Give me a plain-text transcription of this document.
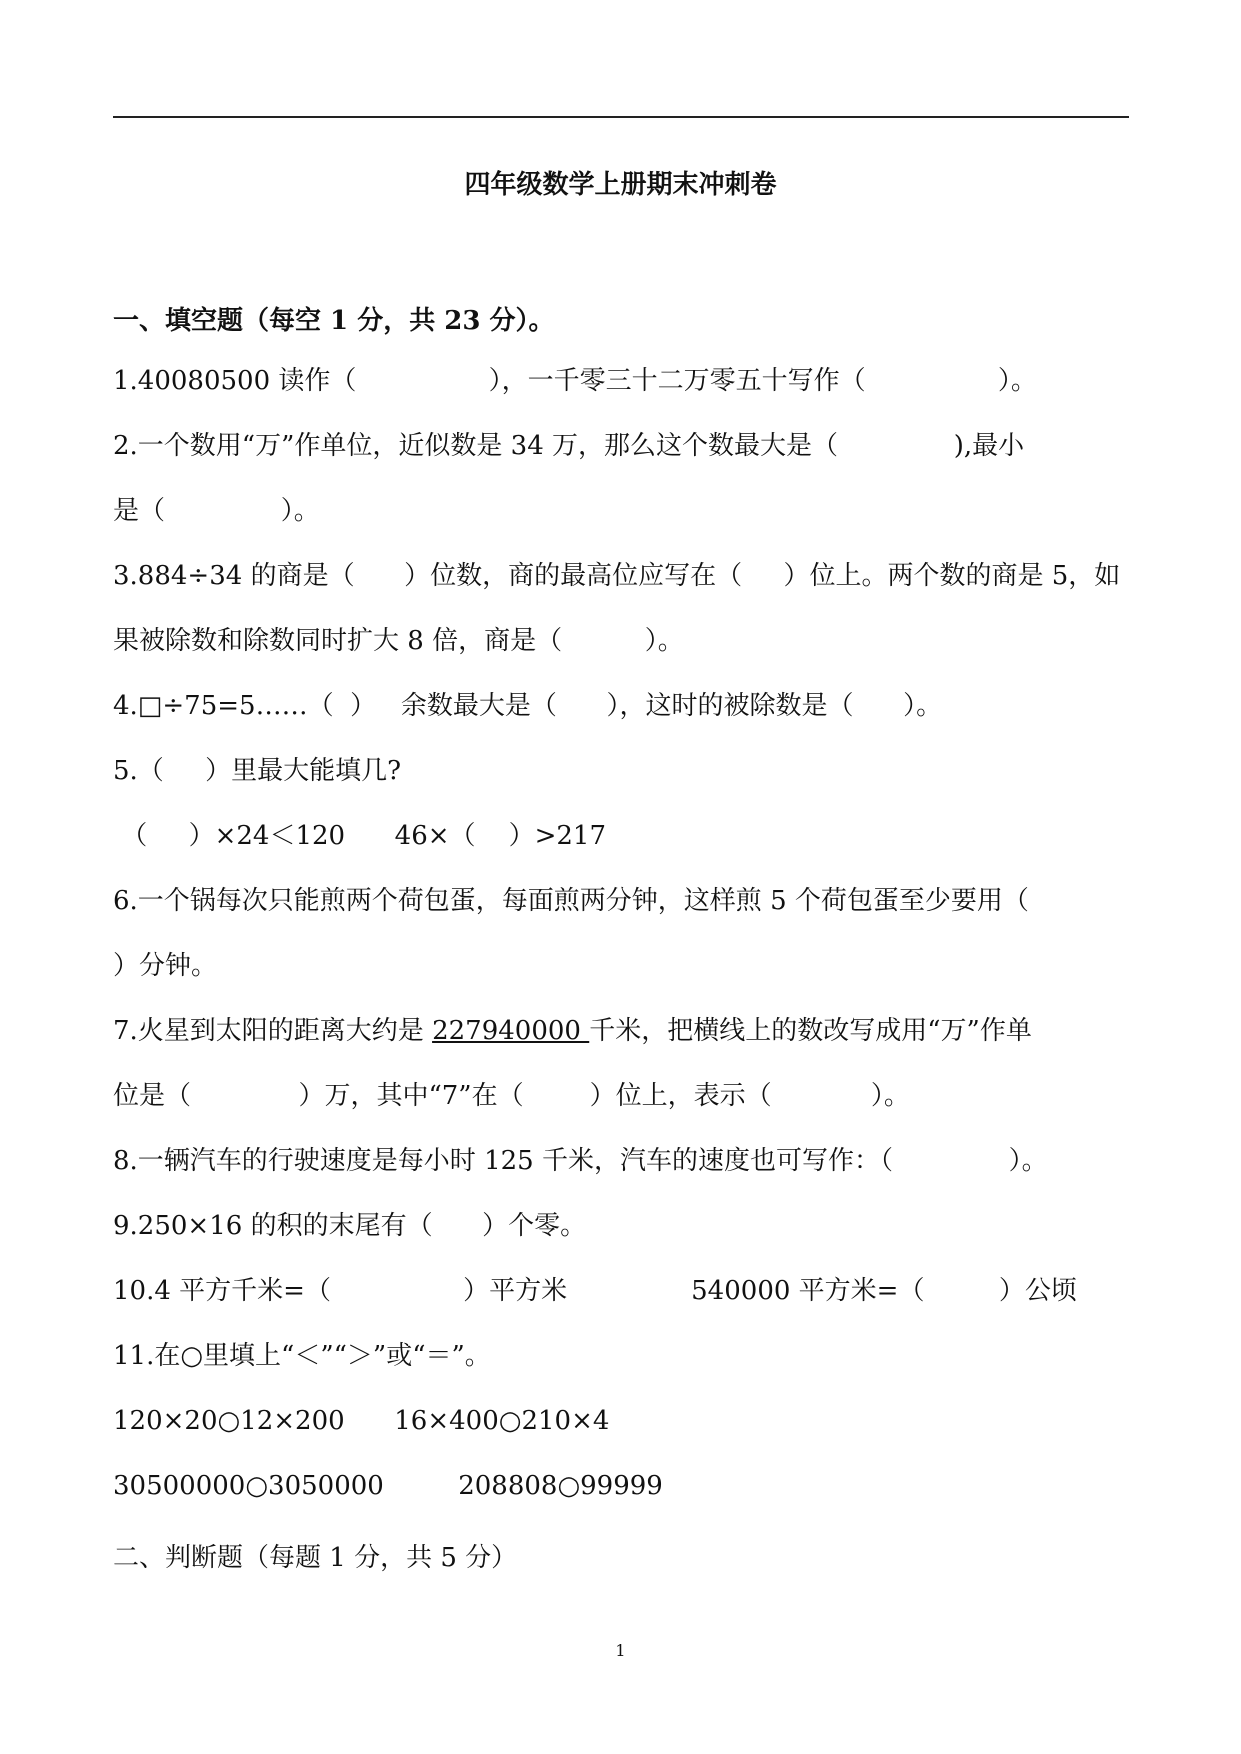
四年级数学上册期末冲刺卷
一、填空题（每空 1 分，共 23 分）。
1.40080500 读作（                ），一千零三十二万零五十写作（                ）。
2.一个数用“万”作单位，近似数是 34 万，那么这个数最大是（              ),最小
是（              ）。
3.884÷34 的商是（      ）位数，商的最高位应写在（     ）位上。两个数的商是 5，如
果被除数和除数同时扩大 8 倍，商是（          ）。
4.□÷75=5……（  ）   余数最大是（      ），这时的被除数是（      ）。
5.（     ）里最大能填几?
（     ）×24＜120      46×（    ）>217
6.一个锅每次只能煎两个荷包蛋，每面煎两分钟，这样煎 5 个荷包蛋至少要用（
）分钟。
7.火星到太阳的距离大约是 227940000 千米，把横线上的数改写成用“万”作单
位是（             ）万，其中“7”在（        ）位上，表示（            ）。
8.一辆汽车的行驶速度是每小时 125 千米，汽车的速度也可写作：（              ）。
9.250×16 的积的末尾有（      ）个零。
10.4 平方千米=（                ）平方米               540000 平方米=（         ）公顷
11.在○里填上“＜”“＞”或“＝”。
120×20○12×200      16×400○210×4
30500000○3050000         208808○99999
二、判断题（每题 1 分，共 5 分）
1
